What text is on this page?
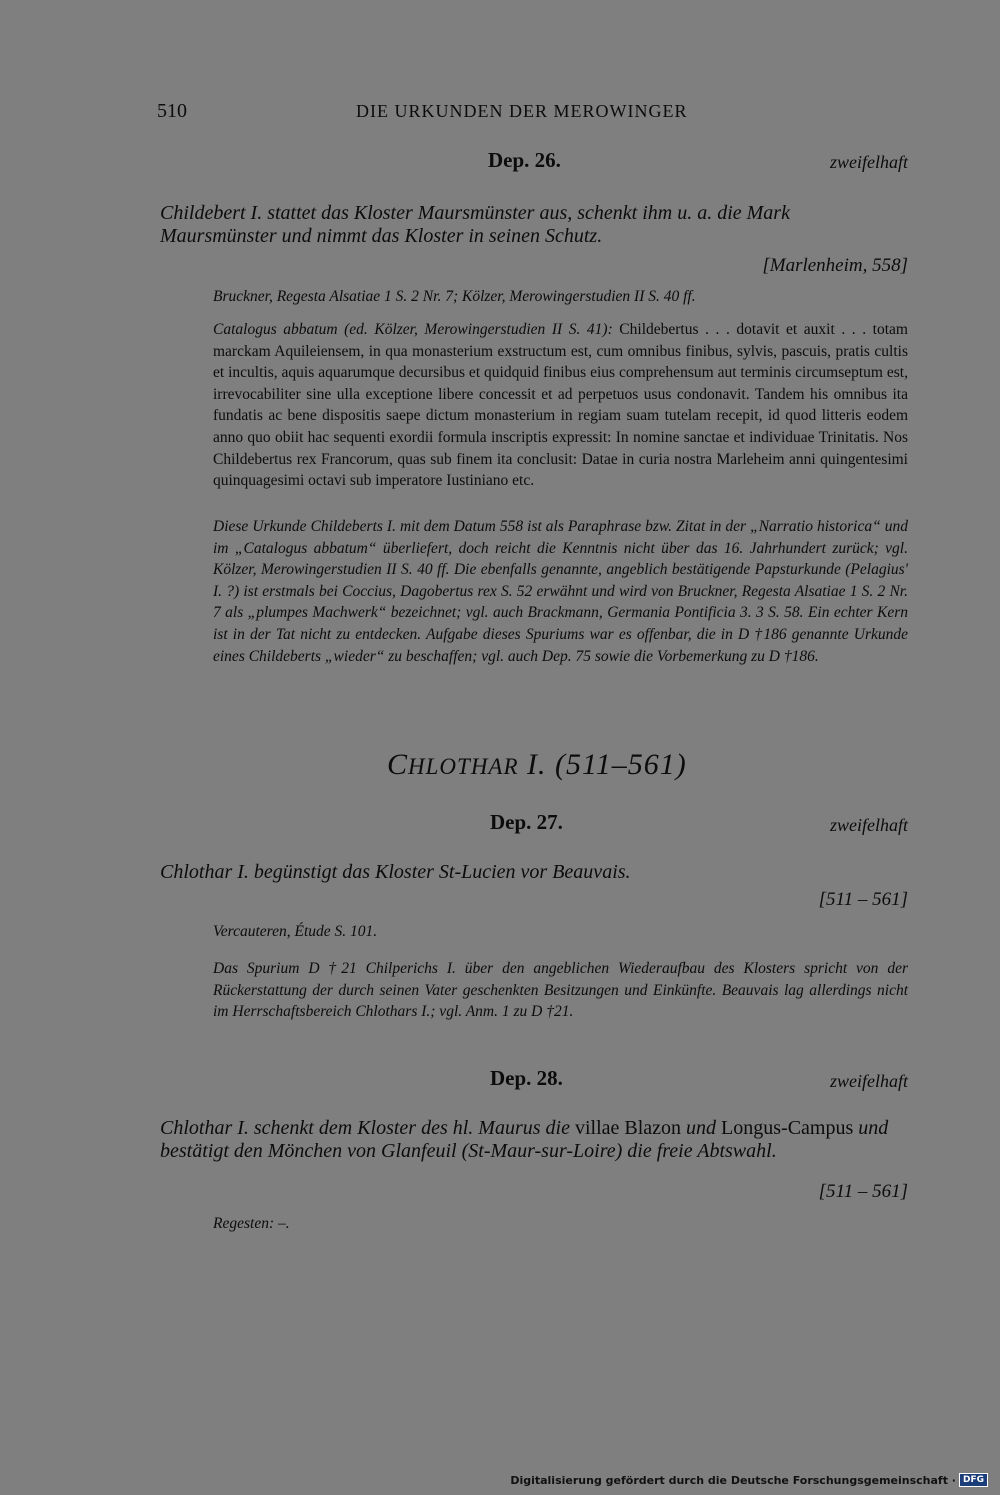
510	DIE URKUNDEN DER MEROWINGER
Dep. 26.	zweifelhaft
Childebert I. stattet das Kloster Maursmünster aus, schenkt ihm u. a. die Mark Maursmünster und nimmt das Kloster in seinen Schutz.
[Marlenheim, 558]
Bruckner, Regesta Alsatiae 1 S. 2 Nr. 7; Kölzer, Merowingerstudien II S. 40 ff.
Catalogus abbatum (ed. Kölzer, Merowingerstudien II S. 41): Childebertus . . . dotavit et auxit . . . totam marckam Aquileiensem, in qua monasterium exstructum est, cum omnibus finibus, sylvis, pascuis, pratis cultis et incultis, aquis aquarumque decursibus et quidquid finibus eius comprehensum aut terminis circumseptum est, irrevocabiliter sine ulla exceptione libere concessit et ad perpetuos usus condonavit. Tandem his omnibus ita fundatis ac bene dispositis saepe dictum monasterium in regiam suam tutelam recepit, id quod litteris eodem anno quo obiit hac sequenti exordii formula inscriptis expressit: In nomine sanctae et individuae Trinitatis. Nos Childebertus rex Francorum, quas sub finem ita conclusit: Datae in curia nostra Marleheim anni quingentesimi quinquagesimi octavi sub imperatore Iustiniano etc.
Diese Urkunde Childeberts I. mit dem Datum 558 ist als Paraphrase bzw. Zitat in der „Narratio historica“ und im „Catalogus abbatum“ überliefert, doch reicht die Kenntnis nicht über das 16. Jahrhundert zurück; vgl. Kölzer, Merowingerstudien II S. 40 ff. Die ebenfalls genannte, angeblich bestätigende Papsturkunde (Pelagius' I. ?) ist erstmals bei Coccius, Dagobertus rex S. 52 erwähnt und wird von Bruckner, Regesta Alsatiae 1 S. 2 Nr. 7 als „plumpes Machwerk“ bezeichnet; vgl. auch Brackmann, Germania Pontificia 3. 3 S. 58. Ein echter Kern ist in der Tat nicht zu entdecken. Aufgabe dieses Spuriums war es offenbar, die in D †186 genannte Urkunde eines Childeberts „wieder“ zu beschaffen; vgl. auch Dep. 75 sowie die Vorbemerkung zu D †186.
CHLOTHAR I. (511–561)
Dep. 27.	zweifelhaft
Chlothar I. begünstigt das Kloster St-Lucien vor Beauvais.
[511 – 561]
Vercauteren, Étude S. 101.
Das Spurium D †21 Chilperichs I. über den angeblichen Wiederaufbau des Klosters spricht von der Rückerstattung der durch seinen Vater geschenkten Besitzungen und Einkünfte. Beauvais lag allerdings nicht im Herrschaftsbereich Chlothars I.; vgl. Anm. 1 zu D †21.
Dep. 28.	zweifelhaft
Chlothar I. schenkt dem Kloster des hl. Maurus die villae Blazon und Longus-Campus und bestätigt den Mönchen von Glanfeuil (St-Maur-sur-Loire) die freie Abtswahl.
[511 – 561]
Regesten: –.
Digitalisierung gefördert durch die Deutsche Forschungsgemeinschaft · DFG
